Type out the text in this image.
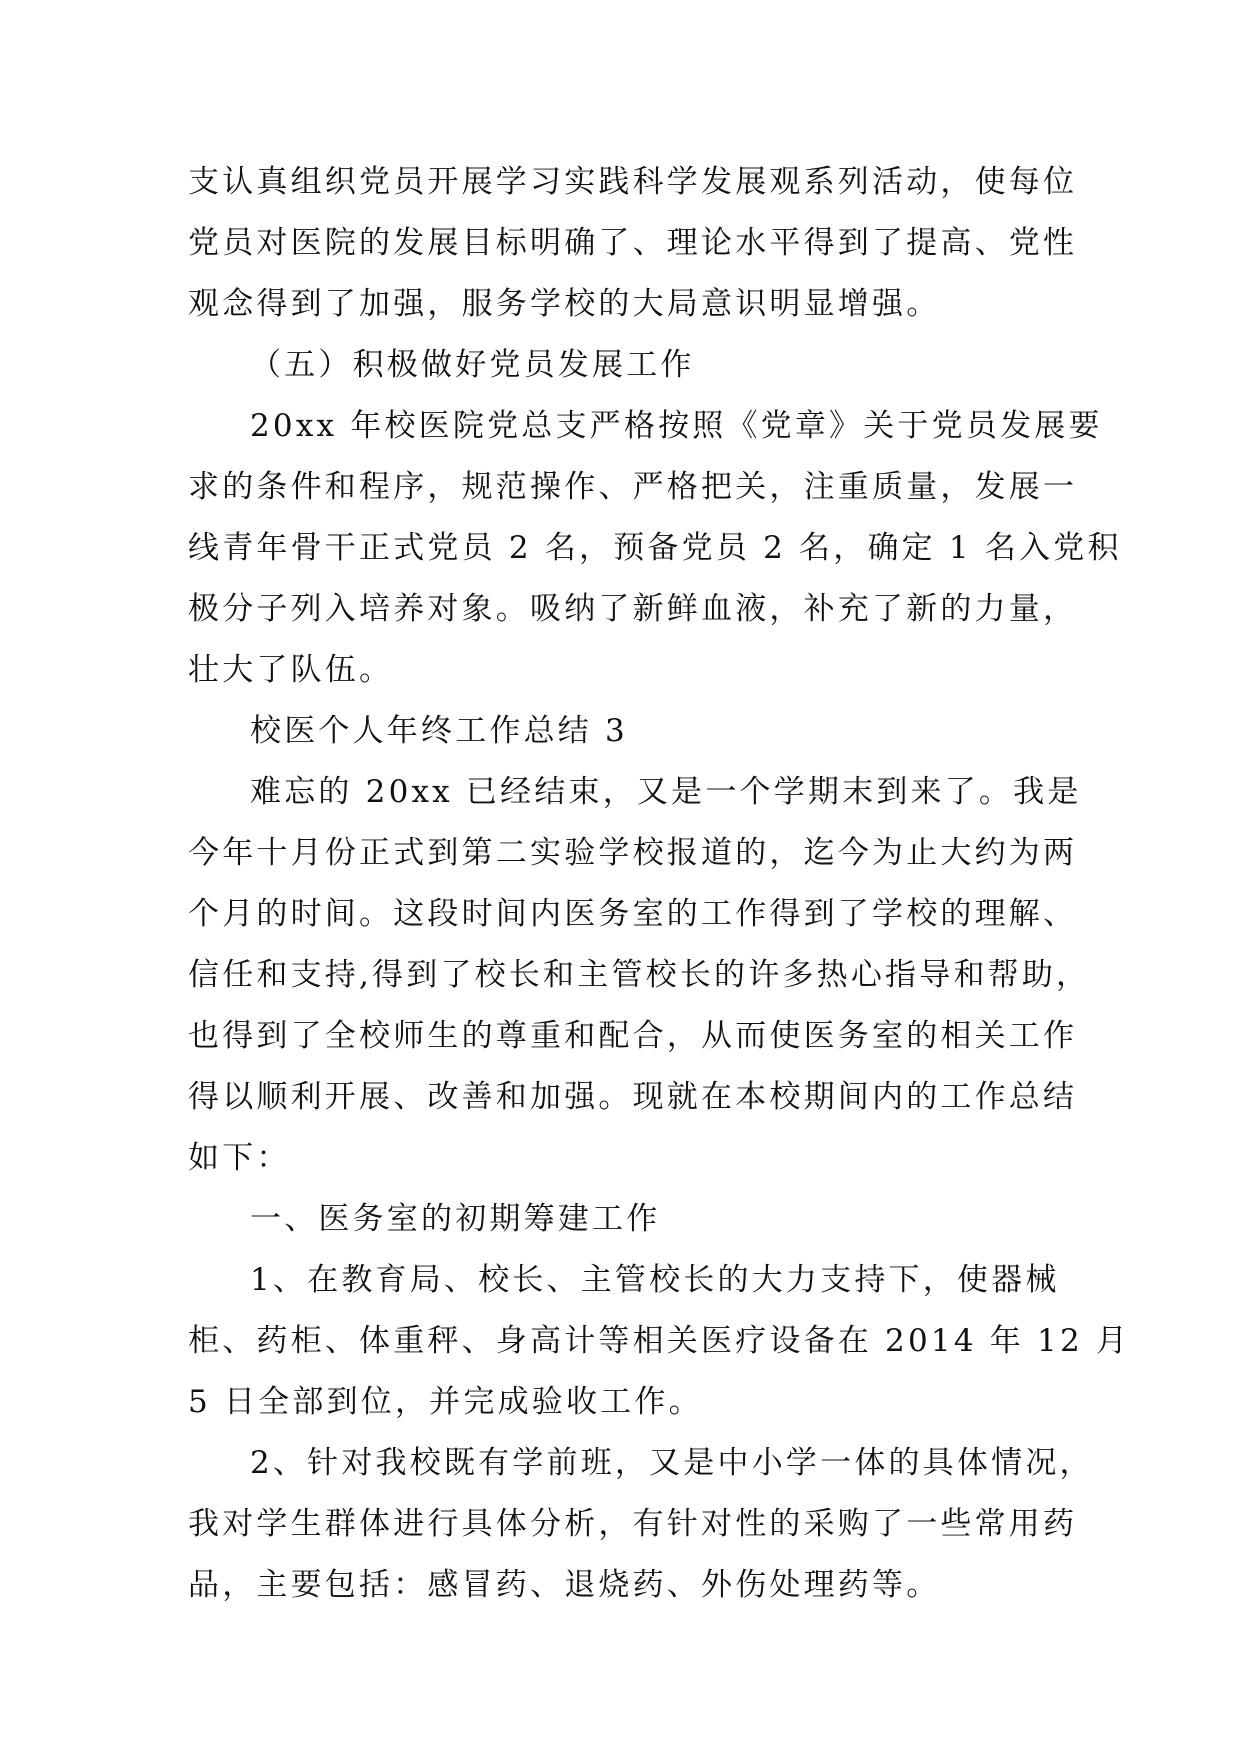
支认真组织党员开展学习实践科学发展观系列活动，使每位
党员对医院的发展目标明确了、理论水平得到了提高、党性
观念得到了加强，服务学校的大局意识明显增强。
（五）积极做好党员发展工作
20xx 年校医院党总支严格按照《党章》关于党员发展要
求的条件和程序，规范操作、严格把关，注重质量，发展一
线青年骨干正式党员 2 名，预备党员 2 名，确定 1 名入党积
极分子列入培养对象。吸纳了新鲜血液，补充了新的力量，
壮大了队伍。
校医个人年终工作总结 3
难忘的 20xx 已经结束，又是一个学期末到来了。我是
今年十月份正式到第二实验学校报道的，迄今为止大约为两
个月的时间。这段时间内医务室的工作得到了学校的理解、
信任和支持,得到了校长和主管校长的许多热心指导和帮助，
也得到了全校师生的尊重和配合，从而使医务室的相关工作
得以顺利开展、改善和加强。现就在本校期间内的工作总结
如下：
一、医务室的初期筹建工作
1、在教育局、校长、主管校长的大力支持下，使器械
柜、药柜、体重秤、身高计等相关医疗设备在 2014 年 12 月
5 日全部到位，并完成验收工作。
2、针对我校既有学前班，又是中小学一体的具体情况，
我对学生群体进行具体分析，有针对性的采购了一些常用药
品，主要包括：感冒药、退烧药、外伤处理药等。
